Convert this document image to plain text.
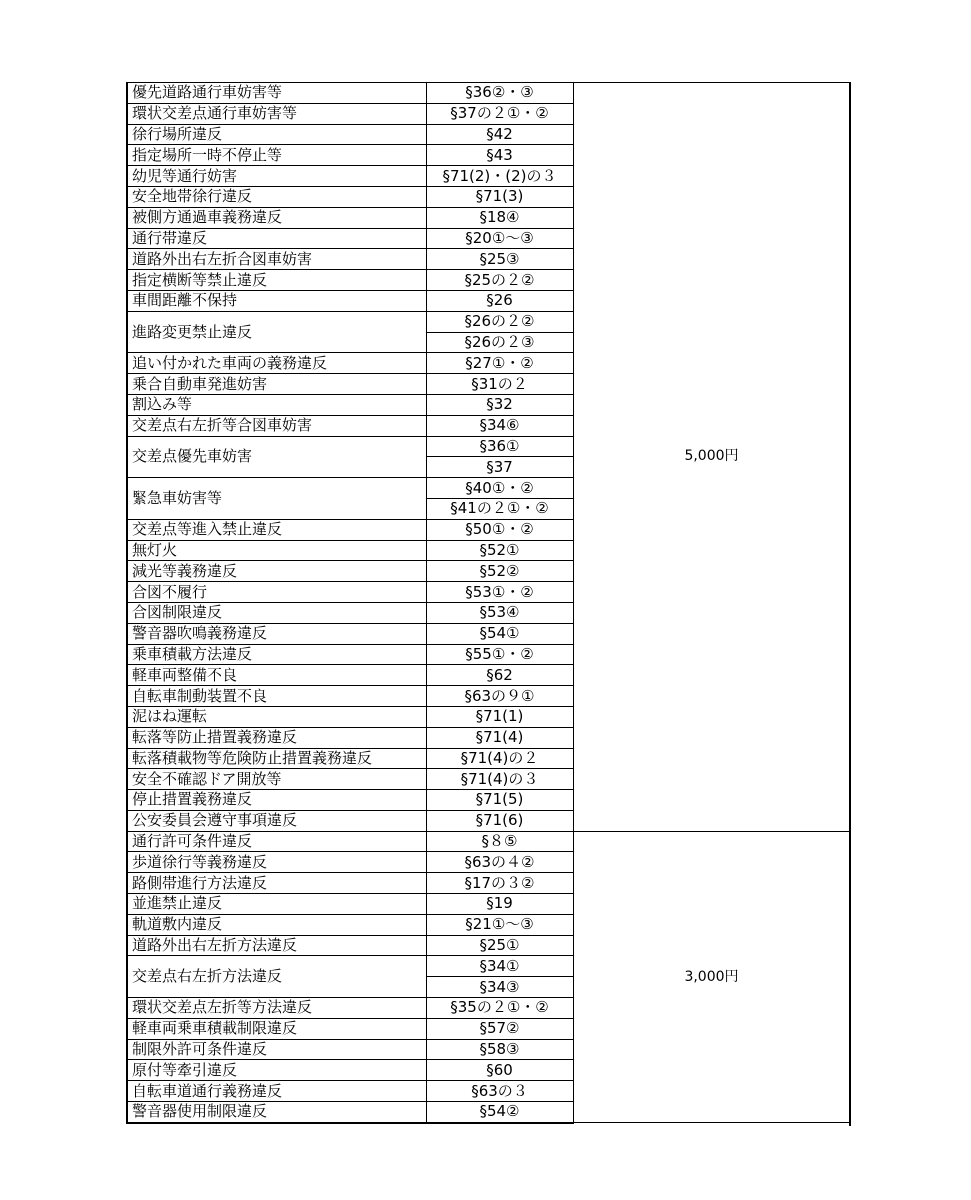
優先道路通行車妨害等	§36②・③	5,000円
環状交差点通行車妨害等	§37の２①・②	
徐行場所違反	§42	
指定場所一時不停止等	§43	
幼児等通行妨害	§71(2)・(2)の３	
安全地帯徐行違反	§71(3)	
被側方通過車義務違反	§18④	
通行帯違反	§20①～③	
道路外出右左折合図車妨害	§25③	
指定横断等禁止違反	§25の２②	
車間距離不保持	§26	
進路変更禁止違反	§26の２②	
	§26の２③	
追い付かれた車両の義務違反	§27①・②	
乗合自動車発進妨害	§31の２	
割込み等	§32	
交差点右左折等合図車妨害	§34⑥	
交差点優先車妨害	§36①	
	§37	
緊急車妨害等	§40①・②	
	§41の２①・②	
交差点等進入禁止違反	§50①・②	
無灯火	§52①	
減光等義務違反	§52②	
合図不履行	§53①・②	
合図制限違反	§53④	
警音器吹鳴義務違反	§54①	
乗車積載方法違反	§55①・②	
軽車両整備不良	§62	
自転車制動装置不良	§63の９①	
泥はね運転	§71(1)	
転落等防止措置義務違反	§71(4)	
転落積載物等危険防止措置義務違反	§71(4)の２	
安全不確認ドア開放等	§71(4)の３	
停止措置義務違反	§71(5)	
公安委員会遵守事項違反	§71(6)	
通行許可条件違反	§８⑤	3,000円
歩道徐行等義務違反	§63の４②	
路側帯進行方法違反	§17の３②	
並進禁止違反	§19	
軌道敷内違反	§21①～③	
道路外出右左折方法違反	§25①	
交差点右左折方法違反	§34①	
	§34③	
環状交差点左折等方法違反	§35の２①・②	
軽車両乗車積載制限違反	§57②	
制限外許可条件違反	§58③	
原付等牽引違反	§60	
自転車道通行義務違反	§63の３	
警音器使用制限違反	§54②	
